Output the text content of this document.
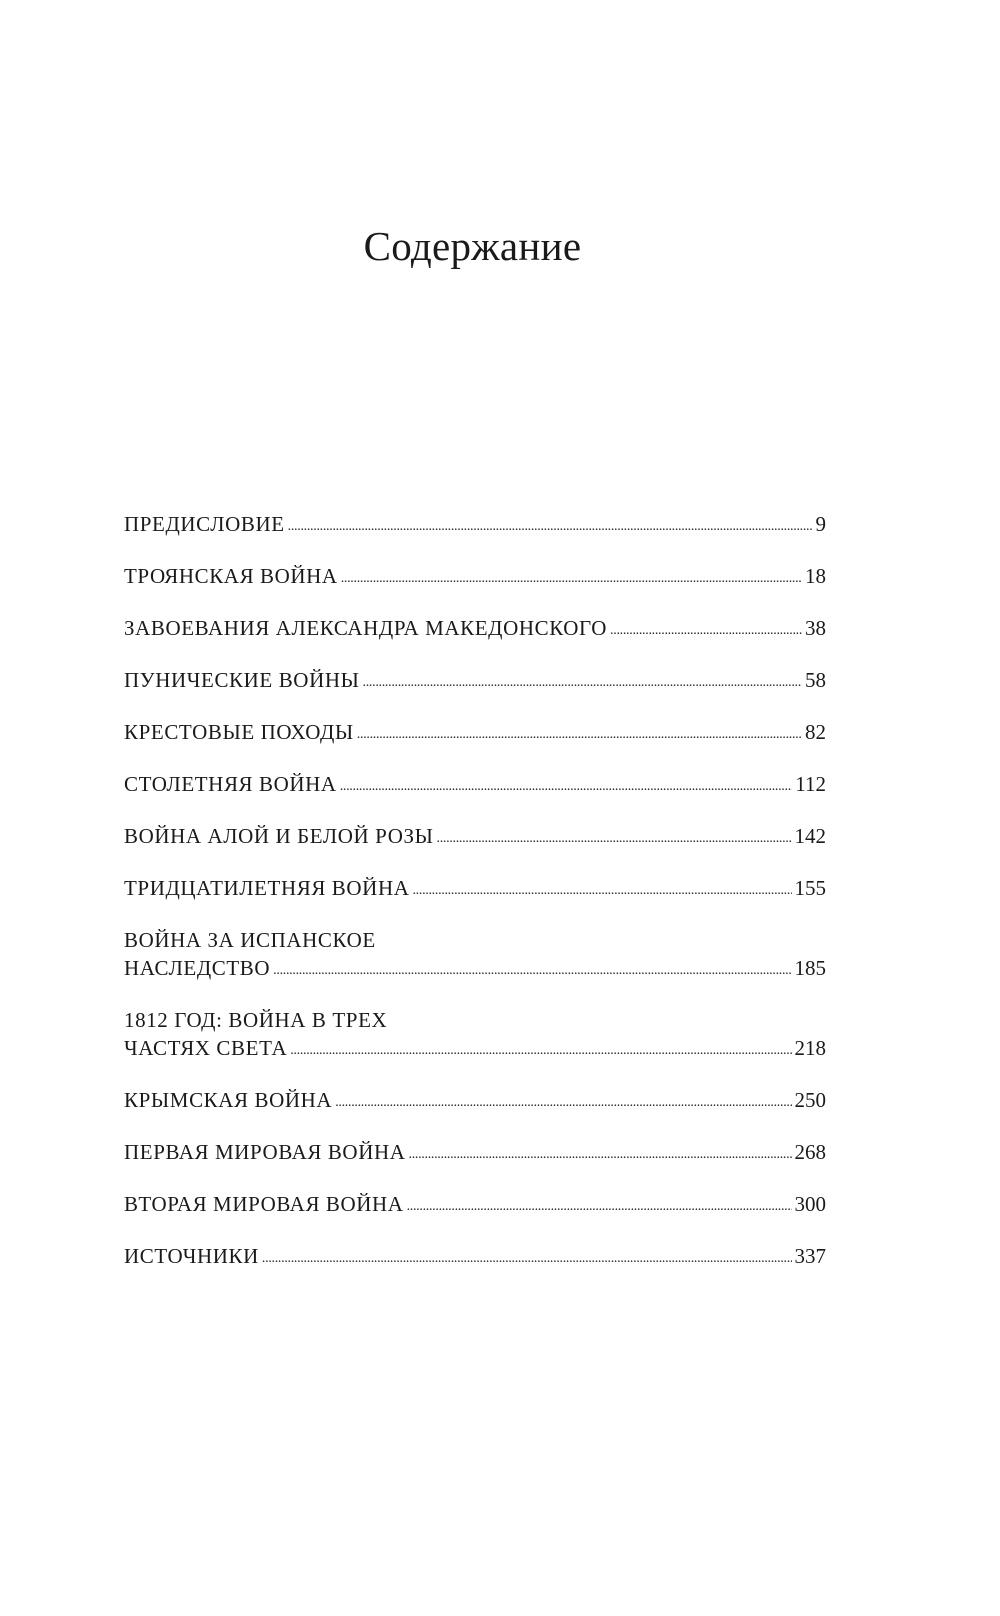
Содержание
ПРЕДИСЛОВИЕ . . .	9
ТРОЯНСКАЯ ВОЙНА . . .	18
ЗАВОЕВАНИЯ АЛЕКСАНДРА МАКЕДОНСКОГО . . .	38
ПУНИЧЕСКИЕ ВОЙНЫ . . .	58
КРЕСТОВЫЕ ПОХОДЫ . . .	82
СТОЛЕТНЯЯ ВОЙНА . . .	112
ВОЙНА АЛОЙ И БЕЛОЙ РОЗЫ . . .	142
ТРИДЦАТИЛЕТНЯЯ ВОЙНА . . .	155
ВОЙНА ЗА ИСПАНСКОЕ
НАСЛЕДСТВО . . .	185
1812 ГОД: ВОЙНА В ТРЕХ
ЧАСТЯХ СВЕТА . . .	218
КРЫМСКАЯ ВОЙНА . . .	250
ПЕРВАЯ МИРОВАЯ ВОЙНА . . .	268
ВТОРАЯ МИРОВАЯ ВОЙНА . . .	300
ИСТОЧНИКИ . . .	337
